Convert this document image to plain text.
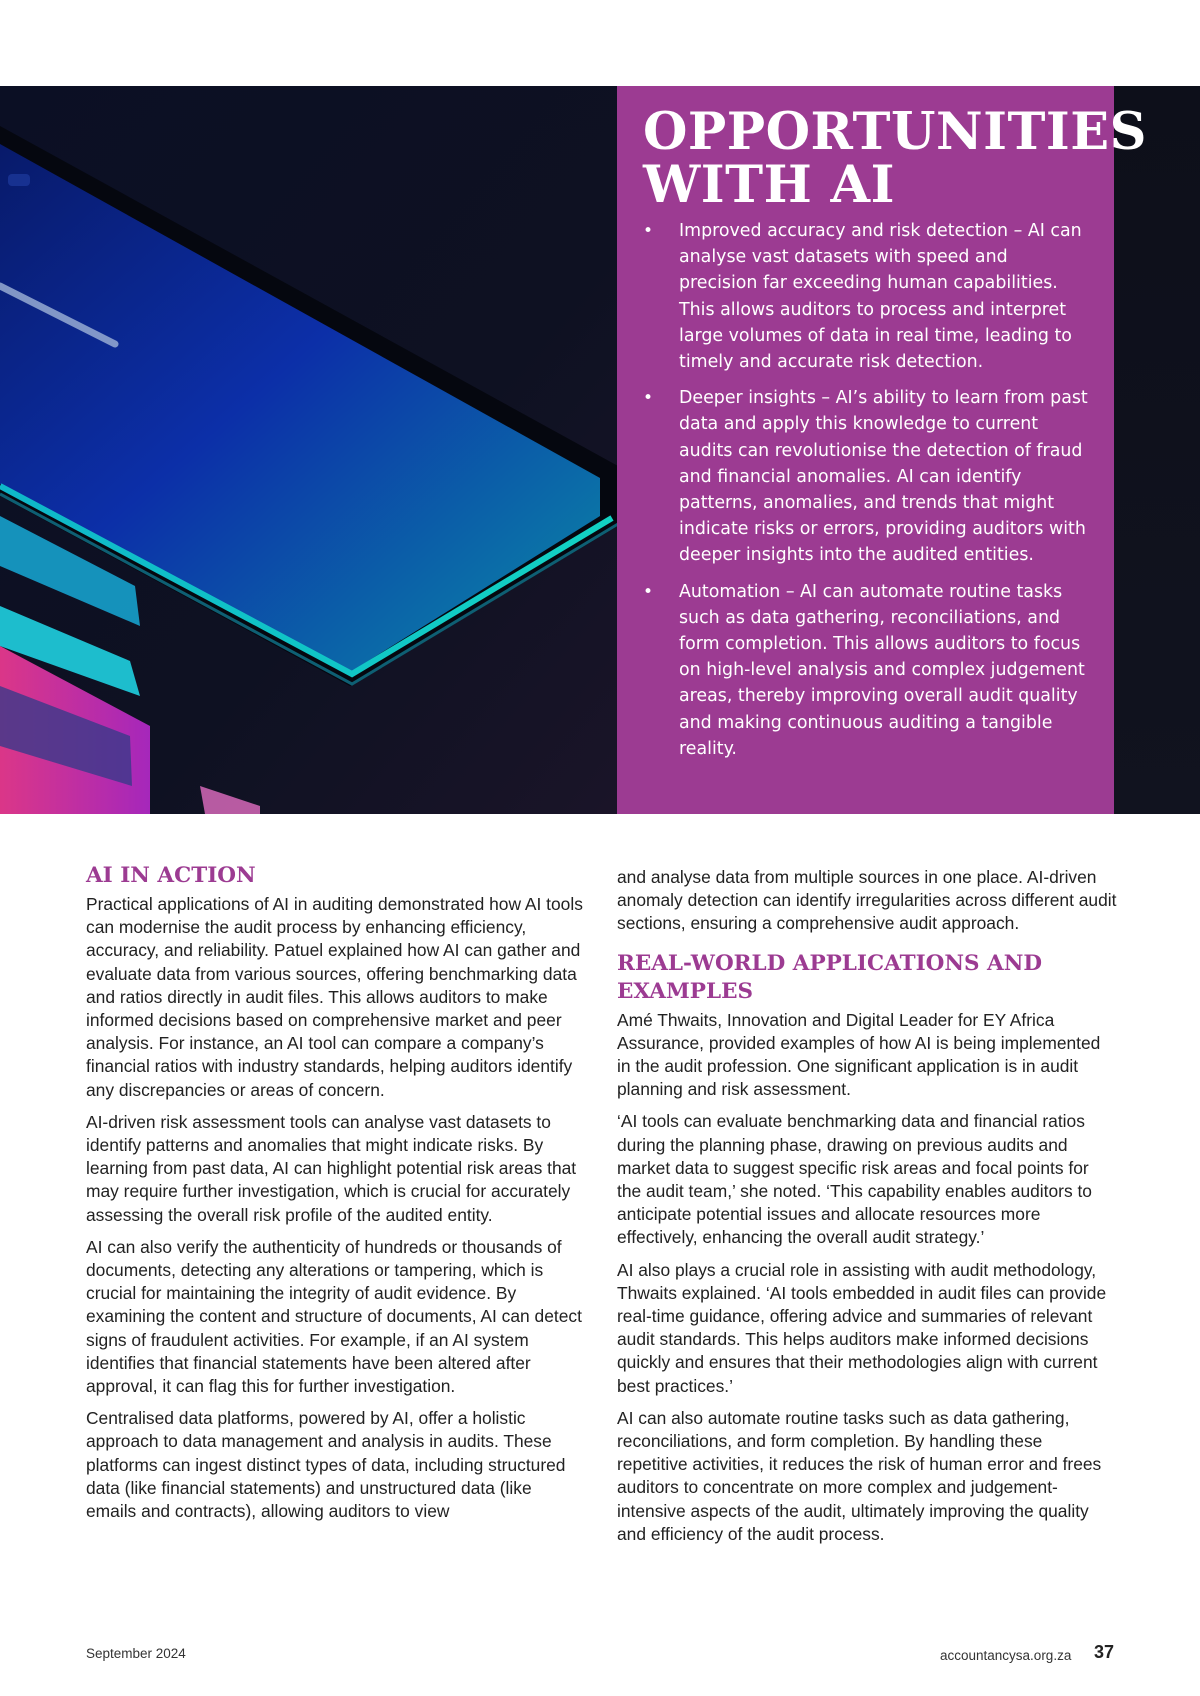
OPPORTUNITIES
WITH AI
• Improved accuracy and risk detection – AI can analyse vast datasets with speed and precision far exceeding human capabilities. This allows auditors to process and interpret large volumes of data in real time, leading to timely and accurate risk detection.
• Deeper insights – AI’s ability to learn from past data and apply this knowledge to current audits can revolutionise the detection of fraud and financial anomalies. AI can identify patterns, anomalies, and trends that might indicate risks or errors, providing auditors with deeper insights into the audited entities.
• Automation – AI can automate routine tasks such as data gathering, reconciliations, and form completion. This allows auditors to focus on high-level analysis and complex judgement areas, thereby improving overall audit quality and making continuous auditing a tangible reality.
AI IN ACTION

Practical applications of AI in auditing demonstrated how AI tools can modernise the audit process by enhancing efficiency, accuracy, and reliability. Patuel explained how AI can gather and evaluate data from various sources, offering benchmarking data and ratios directly in audit files. This allows auditors to make informed decisions based on comprehensive market and peer analysis. For instance, an AI tool can compare a company’s financial ratios with industry standards, helping auditors identify any discrepancies or areas of concern.

AI-driven risk assessment tools can analyse vast datasets to identify patterns and anomalies that might indicate risks. By learning from past data, AI can highlight potential risk areas that may require further investigation, which is crucial for accurately assessing the overall risk profile of the audited entity.

AI can also verify the authenticity of hundreds or thousands of documents, detecting any alterations or tampering, which is crucial for maintaining the integrity of audit evidence. By examining the content and structure of documents, AI can detect signs of fraudulent activities. For example, if an AI system identifies that financial statements have been altered after approval, it can flag this for further investigation.

Centralised data platforms, powered by AI, offer a holistic approach to data management and analysis in audits. These platforms can ingest distinct types of data, including structured data (like financial statements) and unstructured data (like emails and contracts), allowing auditors to view

and analyse data from multiple sources in one place. AI-driven anomaly detection can identify irregularities across different audit sections, ensuring a comprehensive audit approach.

REAL-WORLD APPLICATIONS AND EXAMPLES

Amé Thwaits, Innovation and Digital Leader for EY Africa Assurance, provided examples of how AI is being implemented in the audit profession. One significant application is in audit planning and risk assessment.

‘AI tools can evaluate benchmarking data and financial ratios during the planning phase, drawing on previous audits and market data to suggest specific risk areas and focal points for the audit team,’ she noted. ‘This capability enables auditors to anticipate potential issues and allocate resources more effectively, enhancing the overall audit strategy.’

AI also plays a crucial role in assisting with audit methodology, Thwaits explained. ‘AI tools embedded in audit files can provide real-time guidance, offering advice and summaries of relevant audit standards. This helps auditors make informed decisions quickly and ensures that their methodologies align with current best practices.’

AI can also automate routine tasks such as data gathering, reconciliations, and form completion. By handling these repetitive activities, it reduces the risk of human error and frees auditors to concentrate on more complex and judgement-intensive aspects of the audit, ultimately improving the quality and efficiency of the audit process.

September 2024	accountancysa.org.za 37
